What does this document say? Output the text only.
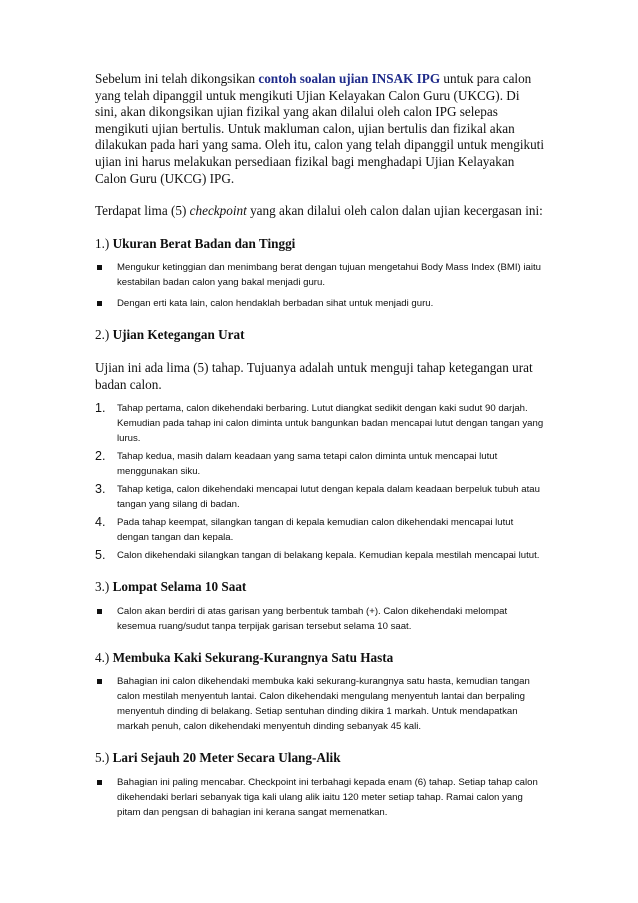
Sebelum ini telah dikongsikan contoh soalan ujian INSAK IPG untuk para calon yang telah dipanggil untuk mengikuti Ujian Kelayakan Calon Guru (UKCG). Di sini, akan dikongsikan ujian fizikal yang akan dilalui oleh calon IPG selepas mengikuti ujian bertulis. Untuk makluman calon, ujian bertulis dan fizikal akan dilakukan pada hari yang sama. Oleh itu, calon yang telah dipanggil untuk mengikuti ujian ini harus melakukan persediaan fizikal bagi menghadapi Ujian Kelayakan Calon Guru (UKCG) IPG.

Terdapat lima (5) checkpoint yang akan dilalui oleh calon dalan ujian kecergasan ini:

1.) Ukuran Berat Badan dan Tinggi
Mengukur ketinggian dan menimbang berat dengan tujuan mengetahui Body Mass Index (BMI) iaitu kestabilan badan calon yang bakal menjadi guru.
Dengan erti kata lain, calon hendaklah berbadan sihat untuk menjadi guru.
2.) Ujian Ketegangan Urat

Ujian ini ada lima (5) tahap. Tujuanya adalah untuk menguji tahap ketegangan urat badan calon.

1. Tahap pertama, calon dikehendaki berbaring. Lutut diangkat sedikit dengan kaki sudut 90 darjah. Kemudian pada tahap ini calon diminta untuk bangunkan badan mencapai lutut dengan tangan yang lurus.
2. Tahap kedua, masih dalam keadaan yang sama tetapi calon diminta untuk mencapai lutut menggunakan siku.
3. Tahap ketiga, calon dikehendaki mencapai lutut dengan kepala dalam keadaan berpeluk tubuh atau tangan yang silang di badan.
4. Pada tahap keempat, silangkan tangan di kepala kemudian calon dikehendaki mencapai lutut dengan tangan dan kepala.
5. Calon dikehendaki silangkan tangan di belakang kepala. Kemudian kepala mestilah mencapai lutut.
3.) Lompat Selama 10 Saat
Calon akan berdiri di atas garisan yang berbentuk tambah (+). Calon dikehendaki melompat kesemua ruang/sudut tanpa terpijak garisan tersebut selama 10 saat.
4.) Membuka Kaki Sekurang-Kurangnya Satu Hasta
Bahagian ini calon dikehendaki membuka kaki sekurang-kurangnya satu hasta, kemudian tangan calon mestilah menyentuh lantai. Calon dikehendaki mengulang menyentuh lantai dan berpaling menyentuh dinding di belakang. Setiap sentuhan dinding dikira 1 markah. Untuk mendapatkan markah penuh, calon dikehendaki menyentuh dinding sebanyak 45 kali.
5.) Lari Sejauh 20 Meter Secara Ulang-Alik
Bahagian ini paling mencabar. Checkpoint ini terbahagi kepada enam (6) tahap. Setiap tahap calon dikehendaki berlari sebanyak tiga kali ulang alik iaitu 120 meter setiap tahap. Ramai calon yang pitam dan pengsan di bahagian ini kerana sangat memenatkan.
